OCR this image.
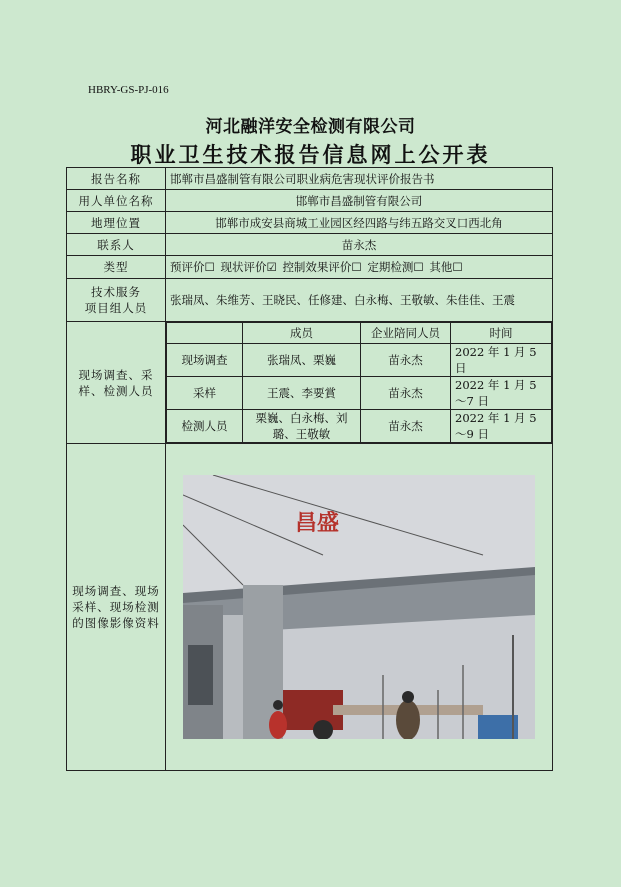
HBRY-GS-PJ-016
河北融洋安全检测有限公司
职业卫生技术报告信息网上公开表
报告名称	邯郸市昌盛制管有限公司职业病危害现状评价报告书
用人单位名称	邯郸市昌盛制管有限公司
地理位置	邯郸市成安县商城工业园区经四路与纬五路交叉口西北角
联系人	苗永杰
类型	预评价☐ 现状评价☑ 控制效果评价☐ 定期检测☐ 其他☐

技术服务
项目组人员
	张瑞凤、朱维芳、王晓民、任修建、白永梅、王敬敏、朱佳佳、王震
现场调查、采样、检测人员	
	成员	企业陪同人员	时间
现场调查	张瑞凤、栗巍	苗永杰	2022 年 1 月 5 日
采样	王震、李要賞	苗永杰	2022 年 1 月 5～7 日
检测人员	栗巍、白永梅、刘璐、王敬敏	苗永杰	2022 年 1 月 5～9 日

现场调查、现场采样、现场检测的图像影像资料	
昌盛
